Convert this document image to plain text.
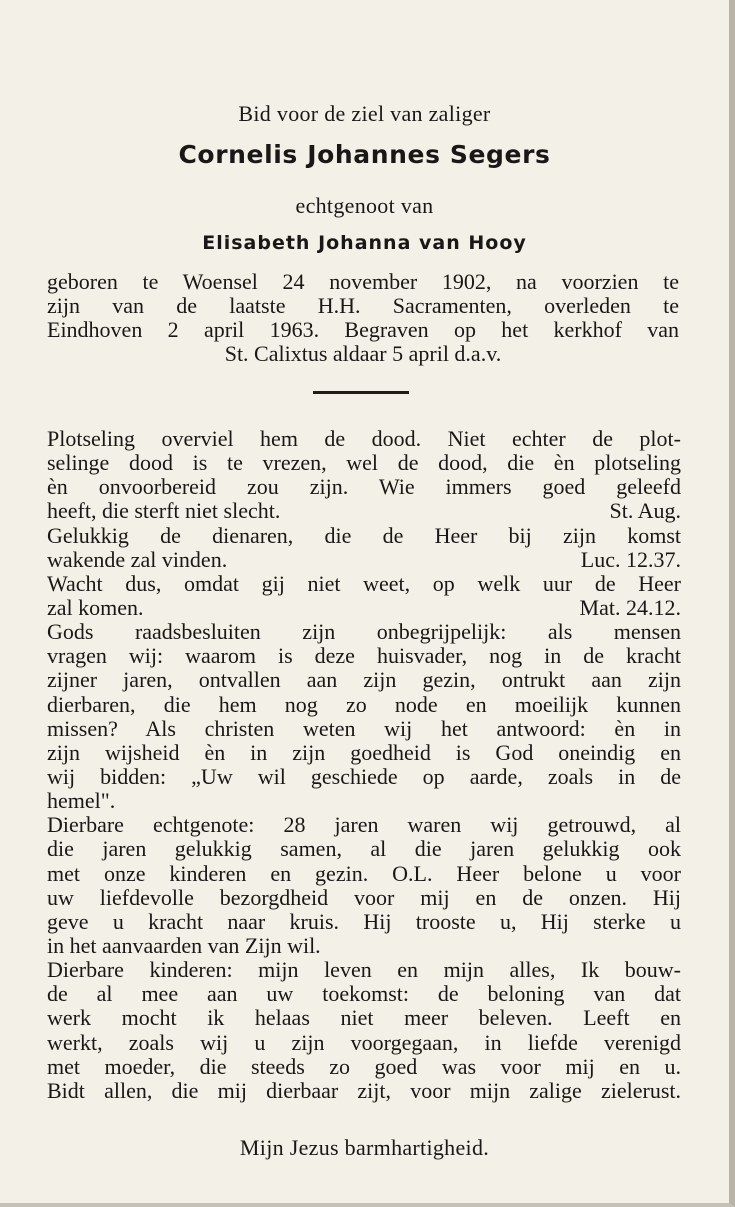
Bid voor de ziel van zaliger
Cornelis Johannes Segers
echtgenoot van
Elisabeth Johanna van Hooy
geboren te Woensel 24 november 1902, na voorzien te
zijn van de laatste H.H. Sacramenten, overleden te
Eindhoven 2 april 1963. Begraven op het kerkhof van
St. Calixtus aldaar 5 april d.a.v.
Plotseling overviel hem de dood. Niet echter de plot-
selinge dood is te vrezen, wel de dood, die èn plotseling
èn onvoorbereid zou zijn. Wie immers goed geleefd
heeft, die sterft niet slecht.	St. Aug.
Gelukkig de dienaren, die de Heer bij zijn komst
wakende zal vinden.	Luc. 12.37.
Wacht dus, omdat gij niet weet, op welk uur de Heer
zal komen.	Mat. 24.12.
Gods raadsbesluiten zijn onbegrijpelijk: als mensen
vragen wij: waarom is deze huisvader, nog in de kracht
zijner jaren, ontvallen aan zijn gezin, ontrukt aan zijn
dierbaren, die hem nog zo node en moeilijk kunnen
missen? Als christen weten wij het antwoord: èn in
zijn wijsheid èn in zijn goedheid is God oneindig en
wij bidden: „Uw wil geschiede op aarde, zoals in de
hemel".
Dierbare echtgenote: 28 jaren waren wij getrouwd, al
die jaren gelukkig samen, al die jaren gelukkig ook
met onze kinderen en gezin. O.L. Heer belone u voor
uw liefdevolle bezorgdheid voor mij en de onzen. Hij
geve u kracht naar kruis. Hij trooste u, Hij sterke u
in het aanvaarden van Zijn wil.
Dierbare kinderen: mijn leven en mijn alles, Ik bouw-
de al mee aan uw toekomst: de beloning van dat
werk mocht ik helaas niet meer beleven. Leeft en
werkt, zoals wij u zijn voorgegaan, in liefde verenigd
met moeder, die steeds zo goed was voor mij en u.
Bidt allen, die mij dierbaar zijt, voor mijn zalige zielerust.
Mijn Jezus barmhartigheid.
